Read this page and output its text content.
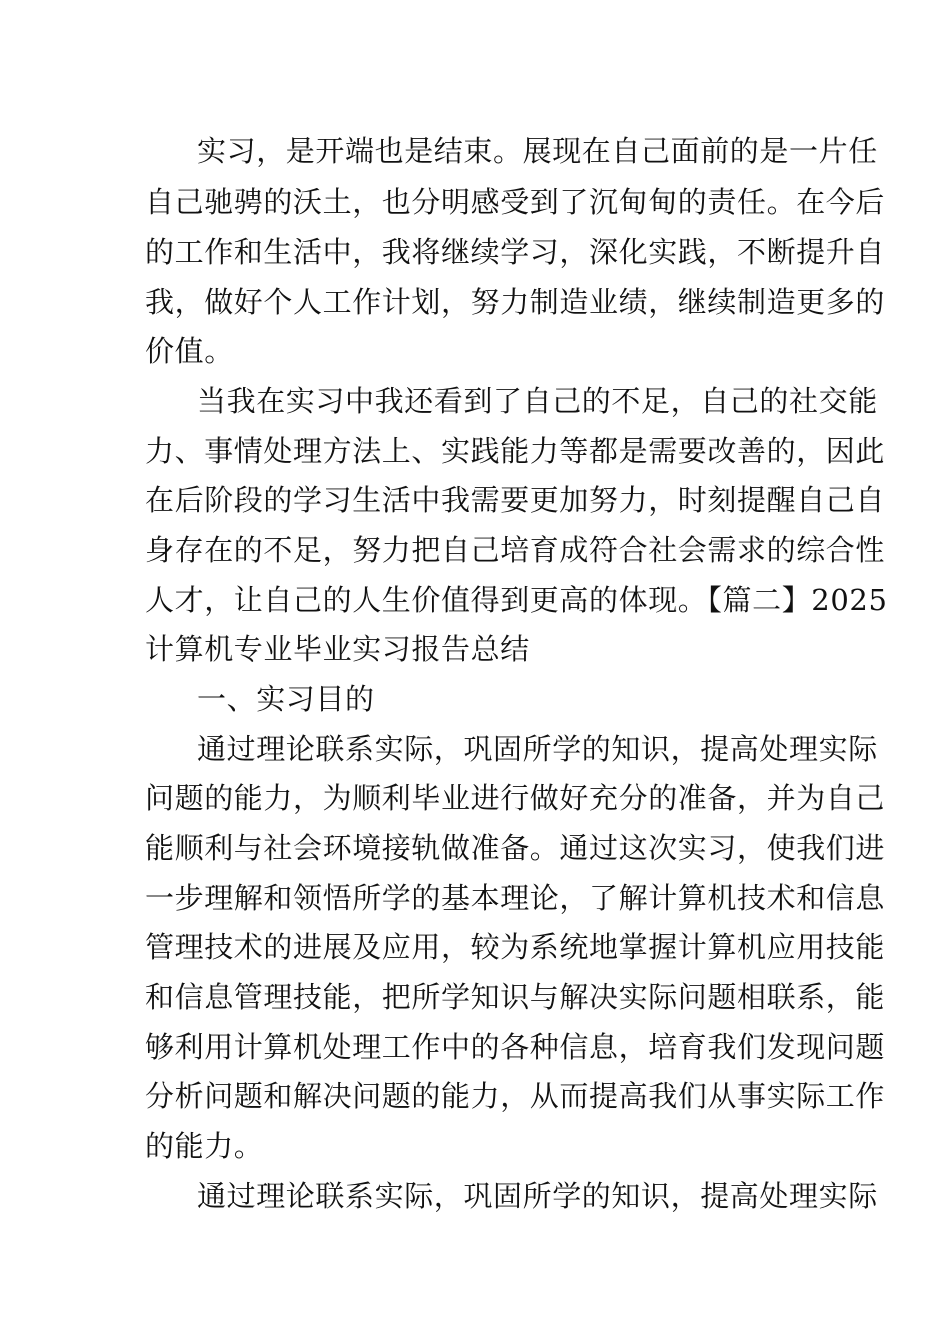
实习，是开端也是结束。展现在自己面前的是一片任
自己驰骋的沃土，也分明感受到了沉甸甸的责任。在今后
的工作和生活中，我将继续学习，深化实践，不断提升自
我，做好个人工作计划，努力制造业绩，继续制造更多的
价值。
当我在实习中我还看到了自己的不足，自己的社交能
力、事情处理方法上、实践能力等都是需要改善的，因此
在后阶段的学习生活中我需要更加努力，时刻提醒自己自
身存在的不足，努力把自己培育成符合社会需求的综合性
人才，让自己的人生价值得到更高的体现。【篇二】2025
计算机专业毕业实习报告总结
一、实习目的
通过理论联系实际，巩固所学的知识，提高处理实际
问题的能力，为顺利毕业进行做好充分的准备，并为自己
能顺利与社会环境接轨做准备。通过这次实习，使我们进
一步理解和领悟所学的基本理论，了解计算机技术和信息
管理技术的进展及应用，较为系统地掌握计算机应用技能
和信息管理技能，把所学知识与解决实际问题相联系，能
够利用计算机处理工作中的各种信息，培育我们发现问题
分析问题和解决问题的能力，从而提高我们从事实际工作
的能力。
通过理论联系实际，巩固所学的知识，提高处理实际
